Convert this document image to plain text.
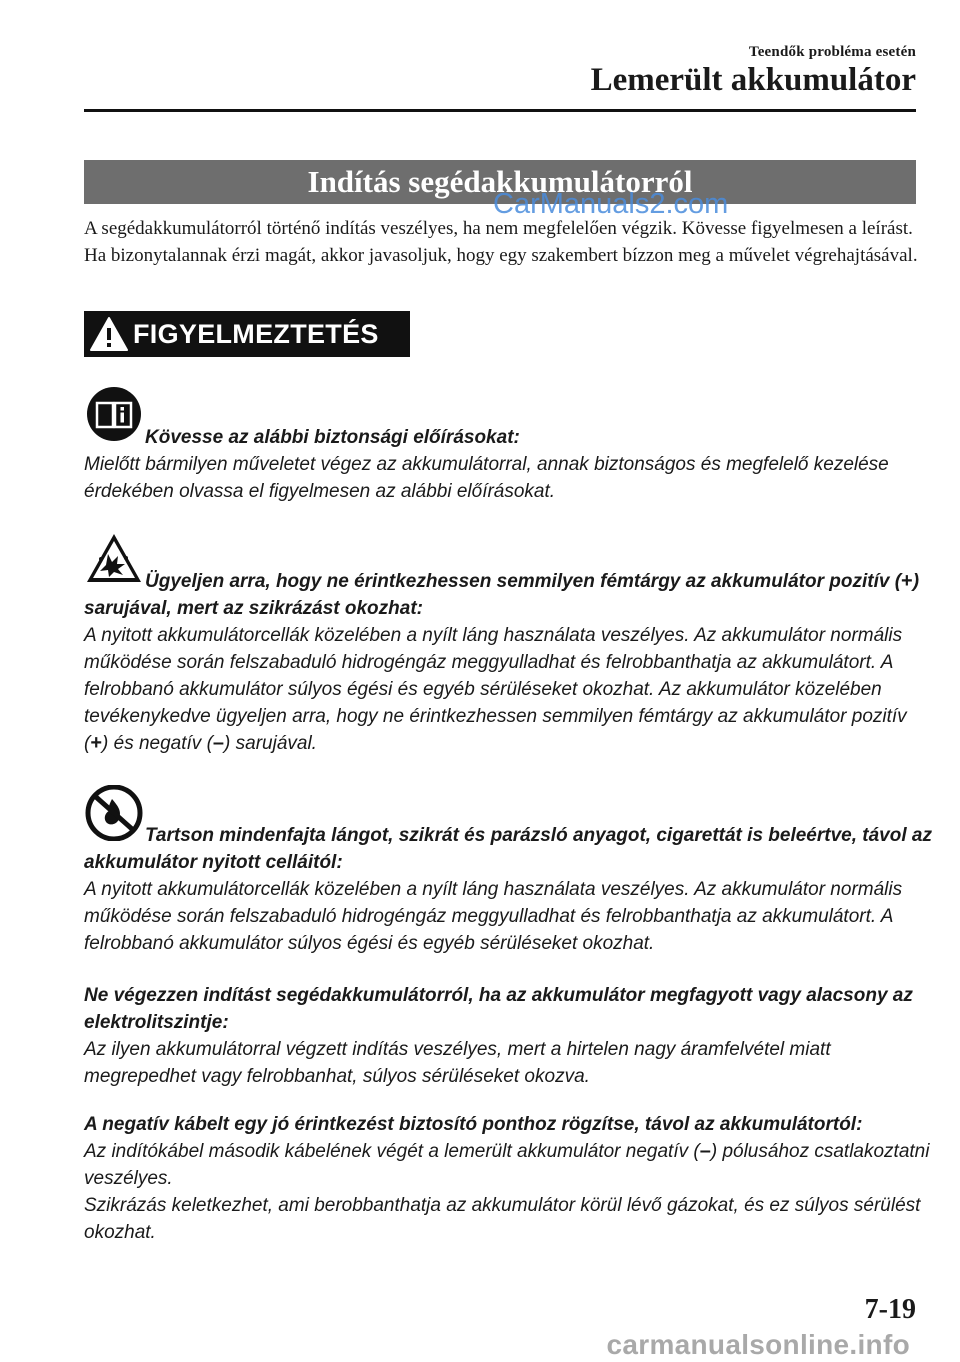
Teendők probléma esetén
Lemerült akkumulátor
Indítás segédakkumulátorról
CarManuals2.com

A segédakkumulátorról történő indítás veszélyes, ha nem megfelelően végzik. Kövesse figyelmesen a leírást. Ha bizonytalannak érzi magát, akkor javasoljuk, hogy egy szakembert bízzon meg a művelet végrehajtásával.

FIGYELMEZTETÉS

Kövesse az alábbi biztonsági előírásokat:
Mielőtt bármilyen műveletet végez az akkumulátorral, annak biztonságos és megfelelő kezelése érdekében olvassa el figyelmesen az alábbi előírásokat.

Ügyeljen arra, hogy ne érintkezhessen semmilyen fémtárgy az akkumulátor pozitív (+) sarujával, mert az szikrázást okozhat:
A nyitott akkumulátorcellák közelében a nyílt láng használata veszélyes. Az akkumulátor normális működése során felszabaduló hidrogéngáz meggyulladhat és felrobbanthatja az akkumulátort. A felrobbanó akkumulátor súlyos égési és egyéb sérüléseket okozhat. Az akkumulátor közelében tevékenykedve ügyeljen arra, hogy ne érintkezhessen semmilyen fémtárgy az akkumulátor pozitív (+) és negatív (–) sarujával.

Tartson mindenfajta lángot, szikrát és parázsló anyagot, cigarettát is beleértve, távol az akkumulátor nyitott celláitól:
A nyitott akkumulátorcellák közelében a nyílt láng használata veszélyes. Az akkumulátor normális működése során felszabaduló hidrogéngáz meggyulladhat és felrobbanthatja az akkumulátort. A felrobbanó akkumulátor súlyos égési és egyéb sérüléseket okozhat.

Ne végezzen indítást segédakkumulátorról, ha az akkumulátor megfagyott vagy alacsony az elektrolitszintje:
Az ilyen akkumulátorral végzett indítás veszélyes, mert a hirtelen nagy áramfelvétel miatt megrepedhet vagy felrobbanhat, súlyos sérüléseket okozva.

A negatív kábelt egy jó érintkezést biztosító ponthoz rögzítse, távol az akkumulátortól:
Az indítókábel második kábelének végét a lemerült akkumulátor negatív (–) pólusához csatlakoztatni veszélyes.
Szikrázás keletkezhet, ami berobbanthatja az akkumulátor körül lévő gázokat, és ez súlyos sérülést okozhat.

7-19
carmanualsonline.info
